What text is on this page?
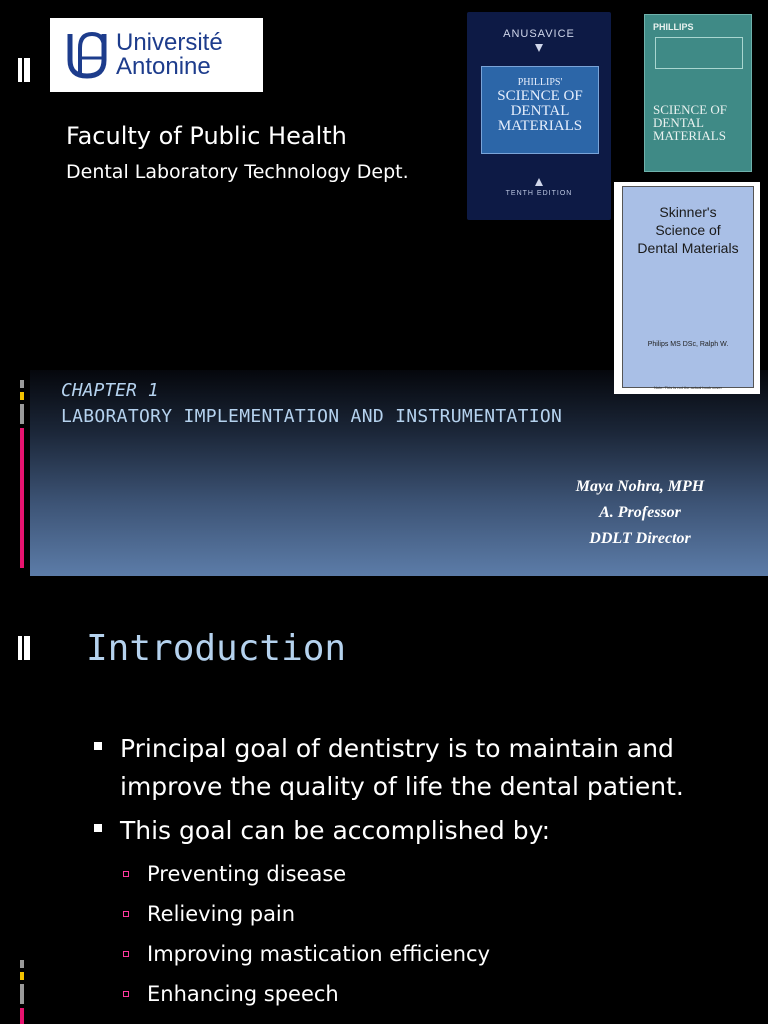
Université
Antonine
Faculty of Public Health
Dental Laboratory Technology Dept.
ANUSAVICE
PHILLIPS'
SCIENCE OF
DENTAL
MATERIALS
TENTH EDITION
PHILLIPS
SCIENCE OF
DENTAL
MATERIALS
Skinner's
Science of
Dental Materials
Philips MS DSc, Ralph W.
Note: This is not the actual book cover
CHAPTER 1
LABORATORY IMPLEMENTATION AND INSTRUMENTATION
Maya Nohra, MPH
A. Professor
DDLT Director
Introduction
Principal goal of dentistry is to maintain and improve the quality of life the dental patient.
This goal can be accomplished by:
Preventing disease
Relieving pain
Improving mastication efficiency
Enhancing speech
